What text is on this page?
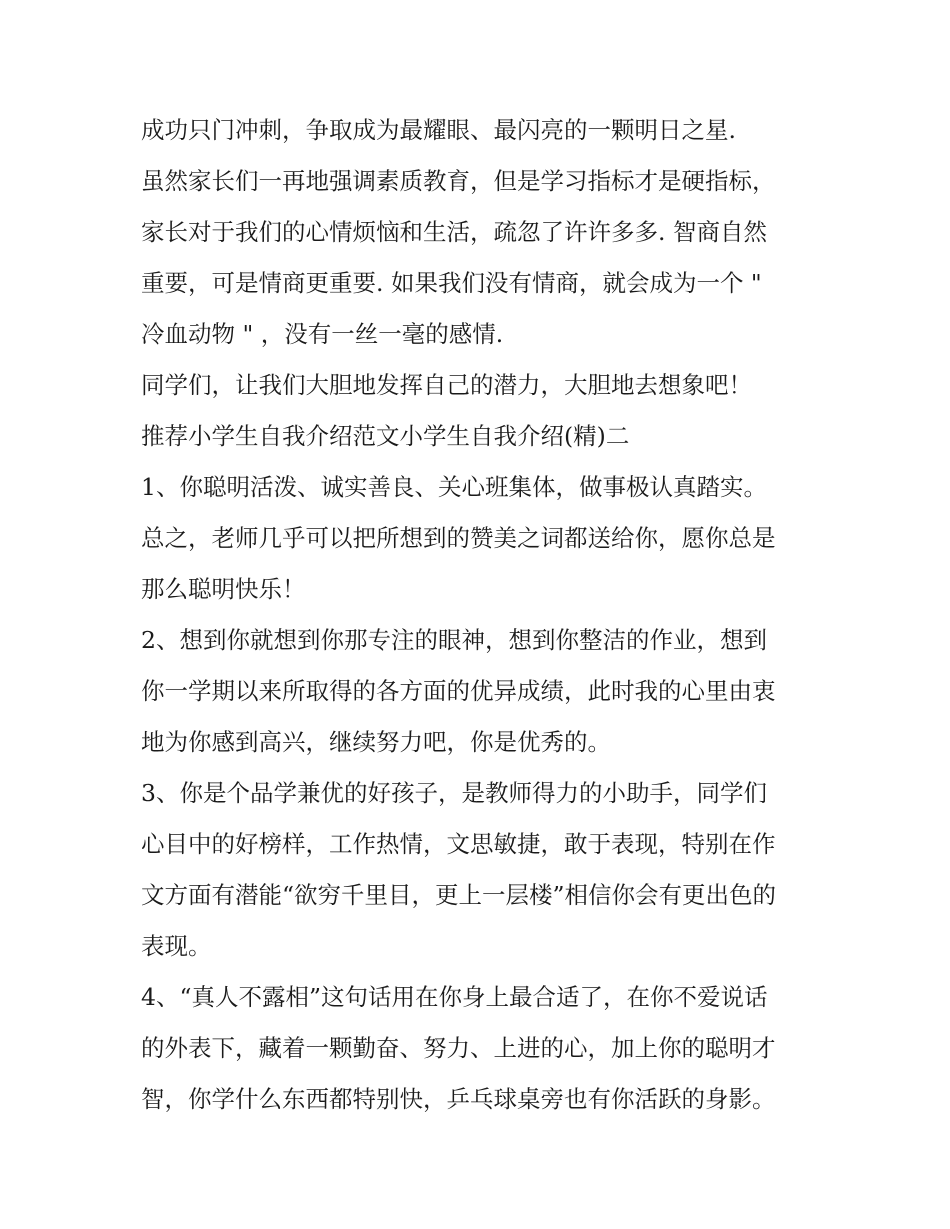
成功只门冲刺，争取成为最耀眼、最闪亮的一颗明日之星.
虽然家长们一再地强调素质教育，但是学习指标才是硬指标，
家长对于我们的心情烦恼和生活，疏忽了许许多多. 智商自然
重要，可是情商更重要. 如果我们没有情商，就会成为一个 "
冷血动物 " ，没有一丝一毫的感情.
同学们，让我们大胆地发挥自己的潜力，大胆地去想象吧！
推荐小学生自我介绍范文小学生自我介绍(精)二
1、你聪明活泼、诚实善良、关心班集体，做事极认真踏实。
总之，老师几乎可以把所想到的赞美之词都送给你，愿你总是
那么聪明快乐！
2、想到你就想到你那专注的眼神，想到你整洁的作业，想到
你一学期以来所取得的各方面的优异成绩，此时我的心里由衷
地为你感到高兴，继续努力吧，你是优秀的。
3、你是个品学兼优的好孩子，是教师得力的小助手，同学们
心目中的好榜样，工作热情，文思敏捷，敢于表现，特别在作
文方面有潜能“欲穷千里目，更上一层楼”相信你会有更出色的
表现。
4、“真人不露相”这句话用在你身上最合适了，在你不爱说话
的外表下，藏着一颗勤奋、努力、上进的心，加上你的聪明才
智，你学什么东西都特别快，乒乓球桌旁也有你活跃的身影。
